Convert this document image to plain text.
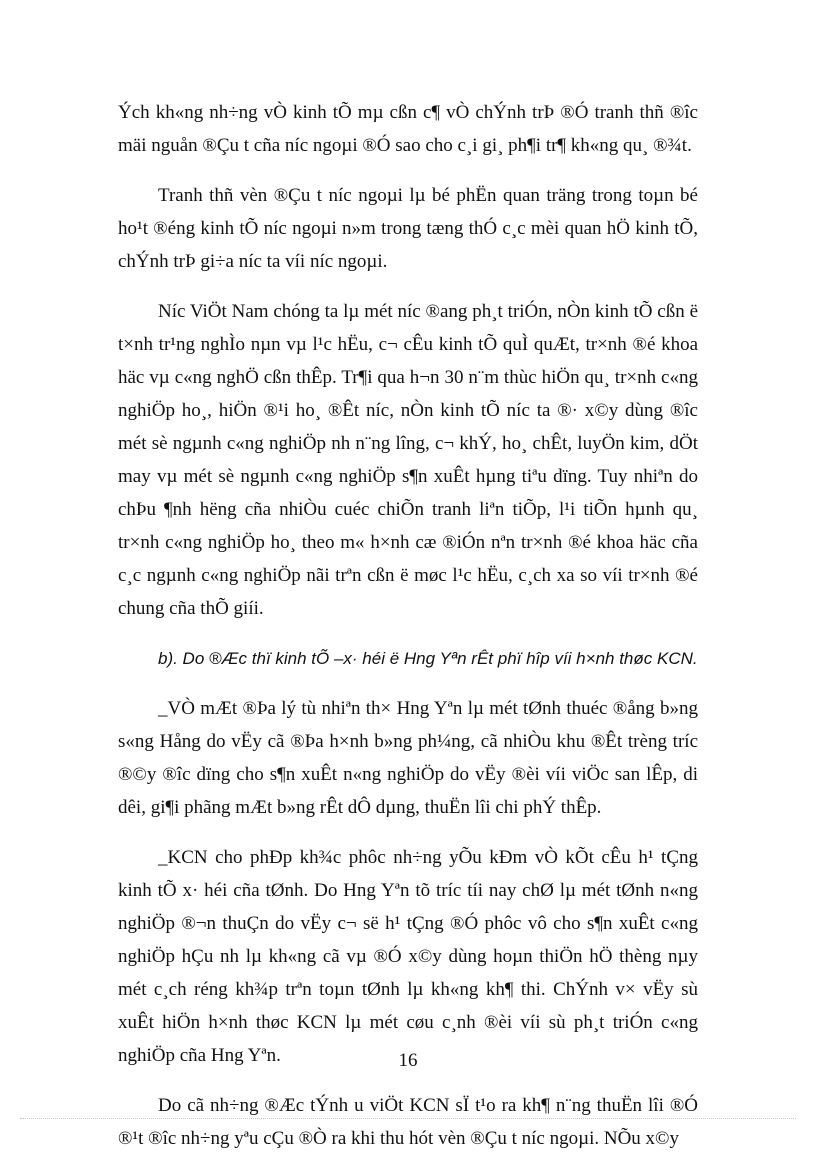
Ých kh«ng nh÷ng vÒ kinh tÕ mµ cßn c¶ vÒ chÝnh trÞ ®Ó tranh thñ ®îc mäi nguån ®Çu t cña níc ngoµi ®Ó sao cho c¸i gi¸ ph¶i tr¶ kh«ng qu¸ ®¾t.

Tranh thñ vèn ®Çu t níc ngoµi lµ bé phËn quan träng trong toµn bé ho¹t ®éng kinh tÕ níc ngoµi n»m trong tæng thÓ c¸c mèi quan hÖ kinh tÕ, chÝnh trÞ gi÷a níc ta víi níc ngoµi.

Níc ViÖt Nam chóng ta lµ mét níc ®ang ph¸t triÓn, nÒn kinh tÕ cßn ë t×nh tr¹ng nghÌo nµn vµ l¹c hËu, c¬ cÊu kinh tÕ quÌ quÆt, tr×nh ®é khoa häc vµ c«ng nghÖ cßn thÊp. Tr¶i qua h¬n 30 n¨m thùc hiÖn qu¸ tr×nh c«ng nghiÖp ho¸, hiÖn ®¹i ho¸ ®Êt níc, nÒn kinh tÕ níc ta ®· x©y dùng ®îc mét sè ngµnh c«ng nghiÖp nh n¨ng lîng, c¬ khÝ, ho¸ chÊt, luyÖn kim, dÖt may vµ mét sè ngµnh c«ng nghiÖp s¶n xuÊt hµng tiªu dïng. Tuy nhiªn do chÞu ¶nh hëng cña nhiÒu cuéc chiÕn tranh liªn tiÕp, l¹i tiÕn hµnh qu¸ tr×nh c«ng nghiÖp ho¸ theo m« h×nh cæ ®iÓn nªn tr×nh ®é khoa häc cña c¸c ngµnh c«ng nghiÖp nãi trªn cßn ë møc l¹c hËu, c¸ch xa so víi tr×nh ®é chung cña thÕ giíi.

b). Do ®Æc thï kinh tÕ –x· héi ë Hng Yªn rÊt phï hîp víi h×nh thøc KCN.

_VÒ mÆt ®Þa lý tù nhiªn th× Hng Yªn lµ mét tØnh thuéc ®ång b»ng s«ng Hång do vËy cã ®Þa h×nh b»ng ph¼ng, cã nhiÒu khu ®Êt trèng tríc ®©y ®îc dïng cho s¶n xuÊt n«ng nghiÖp do vËy ®èi víi viÖc san lÊp, di dêi, gi¶i phãng mÆt b»ng rÊt dÔ dµng, thuËn lîi chi phÝ thÊp.

_KCN cho phÐp kh¾c phôc nh÷ng yÕu kÐm vÒ kÕt cÊu h¹ tÇng kinh tÕ x· héi cña tØnh. Do Hng Yªn tõ tríc tíi nay chØ lµ mét tØnh n«ng nghiÖp ®¬n thuÇn do vËy c¬ së h¹ tÇng ®Ó phôc vô cho s¶n xuÊt c«ng nghiÖp hÇu nh lµ kh«ng cã vµ ®Ó x©y dùng hoµn thiÖn hÖ thèng nµy mét c¸ch réng kh¾p trªn toµn tØnh lµ kh«ng kh¶ thi. ChÝnh v× vËy sù xuÊt hiÖn h×nh thøc KCN lµ mét cøu c¸nh ®èi víi sù ph¸t triÓn c«ng nghiÖp cña Hng Yªn.

Do cã nh÷ng ®Æc tÝnh u viÖt KCN sÏ t¹o ra kh¶ n¨ng thuËn lîi ®Ó ®¹t ®îc nh÷ng yªu cÇu ®Ò ra khi thu hót vèn ®Çu t níc ngoµi. NÕu x©y

16
